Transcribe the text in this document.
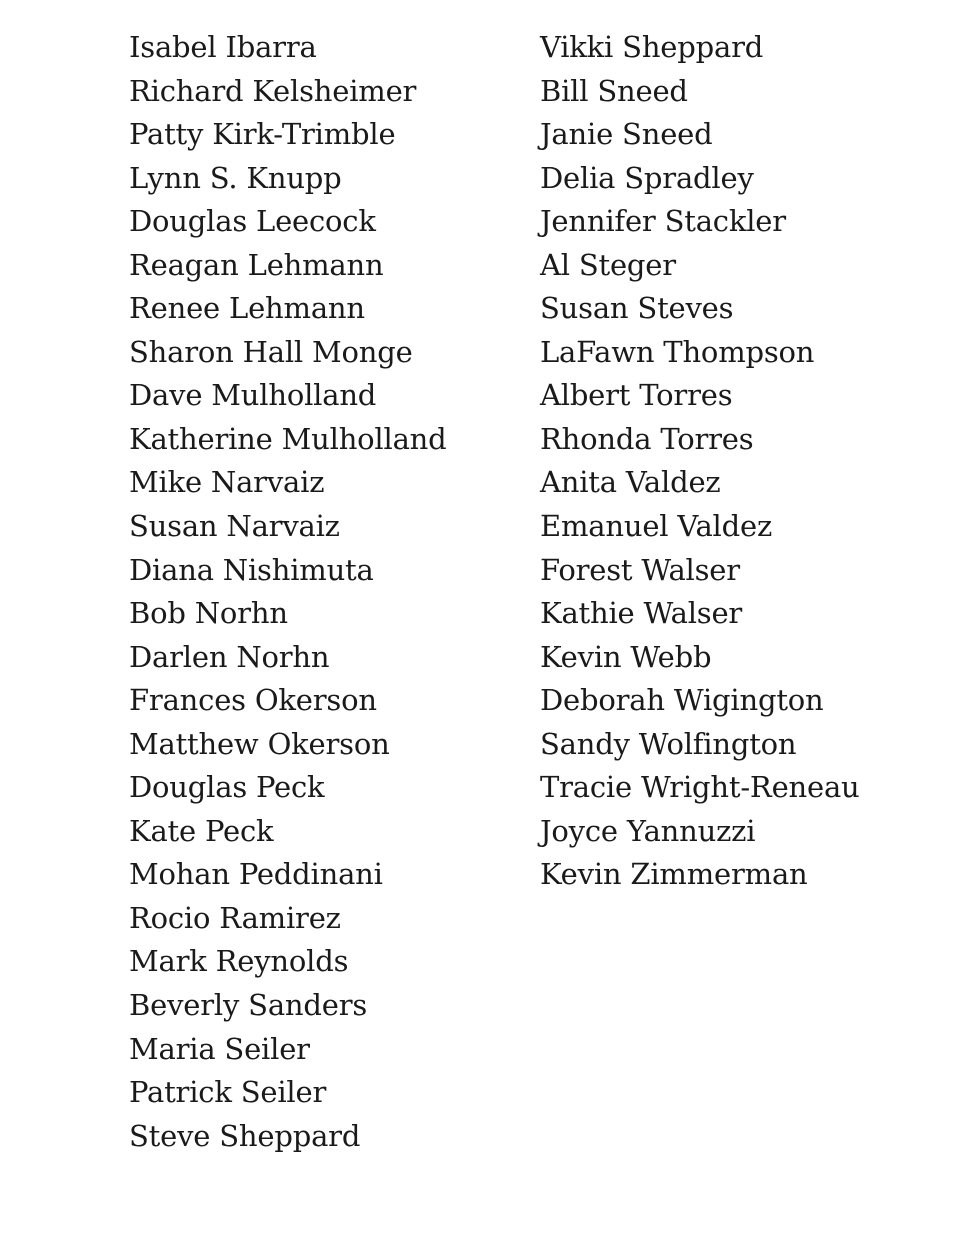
Isabel Ibarra
Richard Kelsheimer
Patty Kirk-Trimble
Lynn S. Knupp
Douglas Leecock
Reagan Lehmann
Renee Lehmann
Sharon Hall Monge
Dave Mulholland
Katherine Mulholland
Mike Narvaiz
Susan Narvaiz
Diana Nishimuta
Bob Norhn
Darlen Norhn
Frances Okerson
Matthew Okerson
Douglas Peck
Kate Peck
Mohan Peddinani
Rocio Ramirez
Mark Reynolds
Beverly Sanders
Maria Seiler
Patrick Seiler
Steve Sheppard
Vikki Sheppard
Bill Sneed
Janie Sneed
Delia Spradley
Jennifer Stackler
Al Steger
Susan Steves
LaFawn Thompson
Albert Torres
Rhonda Torres
Anita Valdez
Emanuel Valdez
Forest Walser
Kathie Walser
Kevin Webb
Deborah Wigington
Sandy Wolfington
Tracie Wright-Reneau
Joyce Yannuzzi
Kevin Zimmerman
